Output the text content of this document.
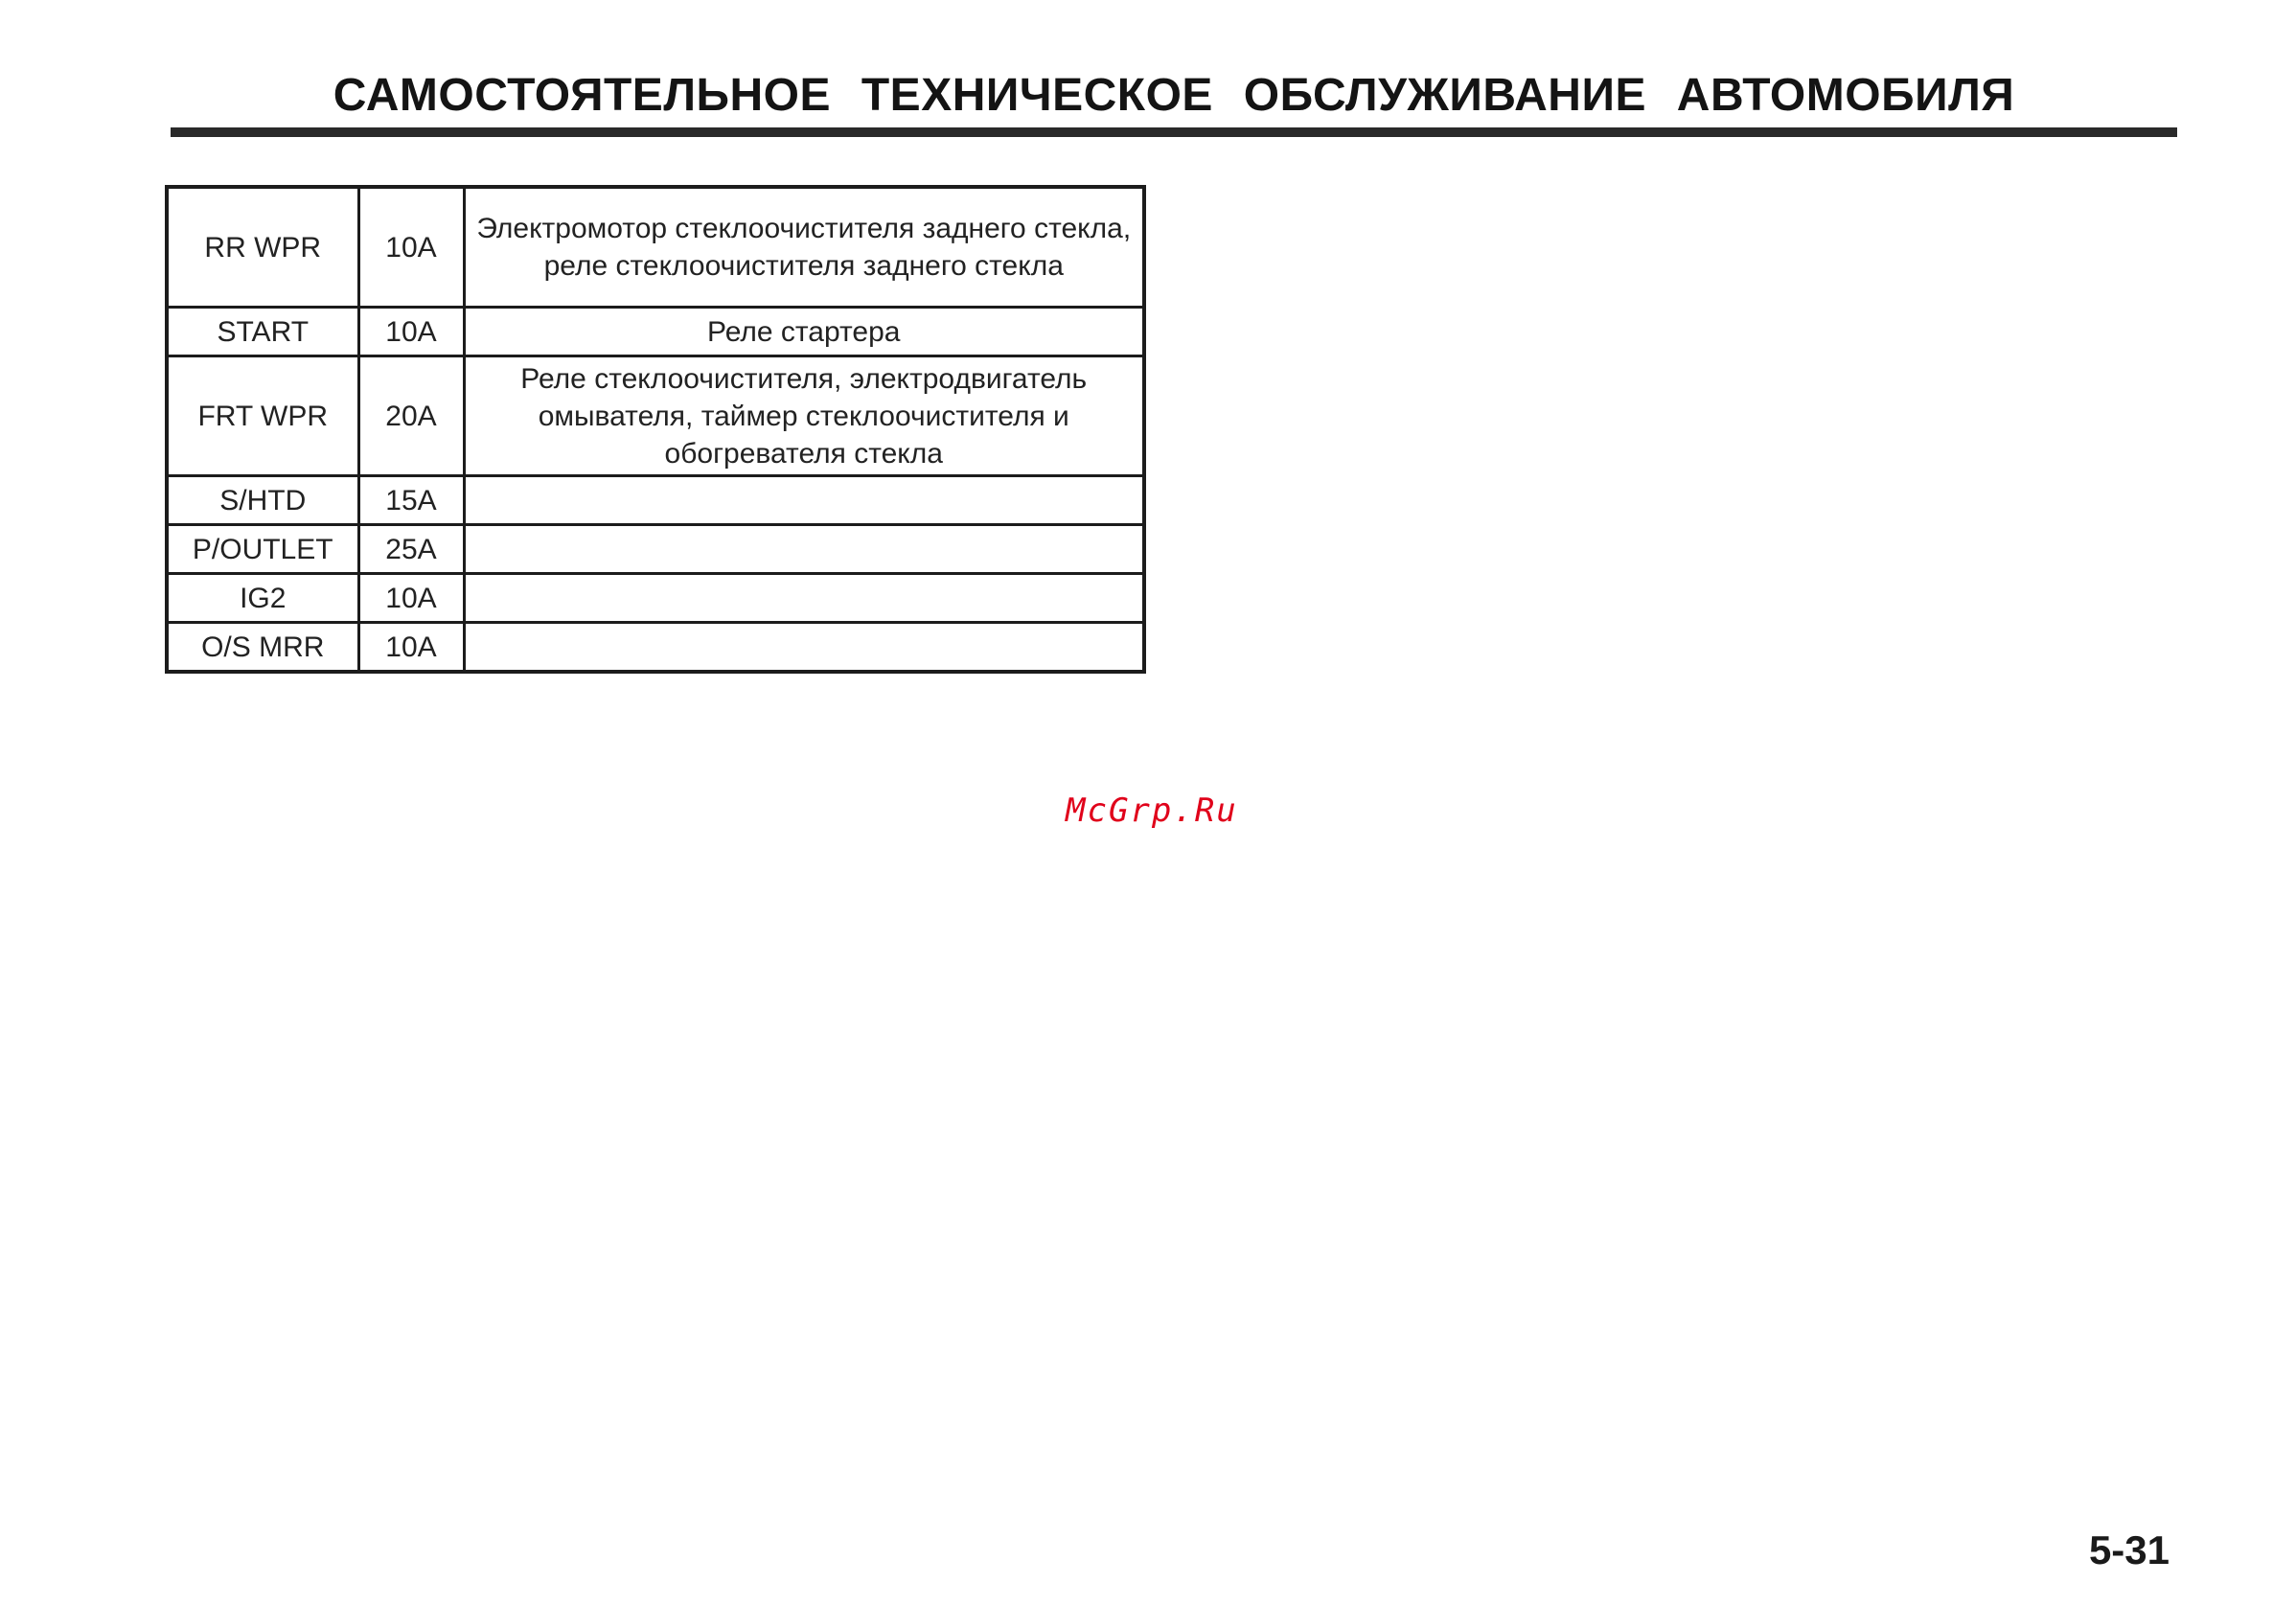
САМОСТОЯТЕЛЬНОЕ ТЕХНИЧЕСКОЕ ОБСЛУЖИВАНИЕ АВТОМОБИЛЯ
RR WPR	10A	Электромотор стеклоочистителя заднего стекла, реле стеклоочистителя заднего стекла
START	10A	Реле стартера
FRT WPR	20A	Реле стеклоочистителя, электродвигатель омывателя, таймер стеклоочистителя и обогревателя стекла
S/HTD	15A	
P/OUTLET	25A	
IG2	10A	
O/S MRR	10A	
McGrp.Ru
5-31
